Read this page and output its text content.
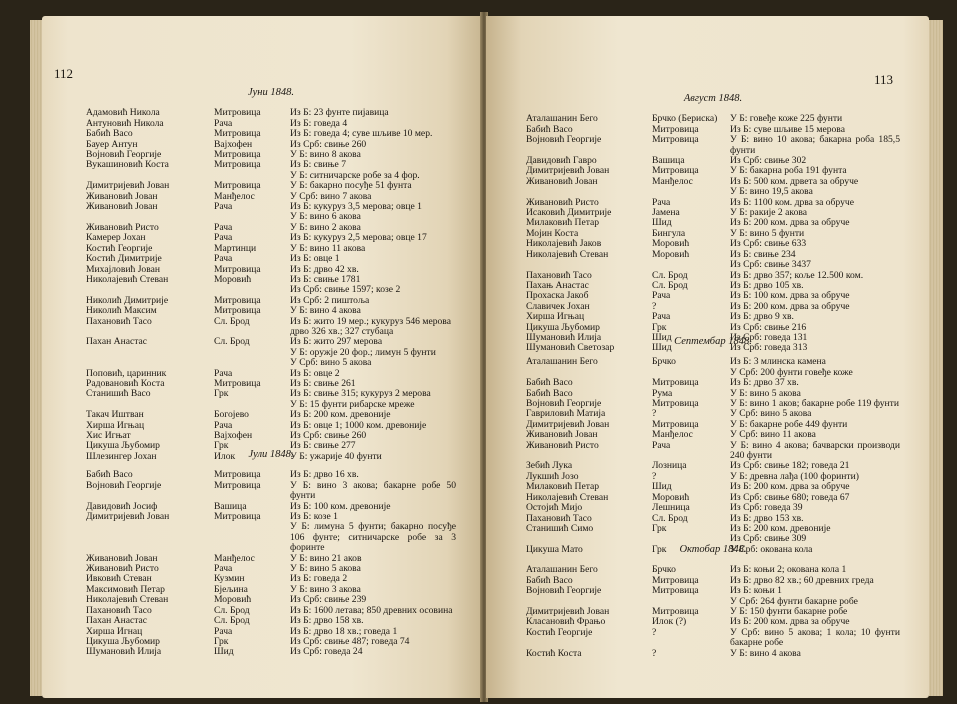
112
Јуни 1848.
Адамовић Никола	Митровица	Из Б: 23 фунте пијавица
Антуновић Никола	Рача	Из Б: говеда 4
Бабић Васо	Митровица	Из Б: говеда 4; суве шљиве 10 мер.
Бауер Антун	Вајхофен	Из Срб: свиње 260
Војновић Георгије	Митровица	У Б: вино 8 акова
Вукашиновић Коста	Митровица	Из Б: свиње 7
У Б: ситничарске робе за 4 фор.
Димитријевић Јован	Митровица	У Б: бакарно посуђе 51 фунта
Живановић Јован	Манђелос	У Срб: вино 7 акова
Живановић Јован	Рача	Из Б: кукуруз 3,5 мерова; овце 1
У Б: вино 6 акова
Живановић Ристо	Рача	У Б: вино 2 акова
Камерер Јохан	Рача	Из Б: кукуруз 2,5 мерова; овце 17
Костић Георгије	Мартинци	У Б: вино 11 акова
Костић Димитрије	Рача	Из Б: овце 1
Михајловић Јован	Митровица	Из Б: дрво 42 хв.
Николајевић Стеван	Моровић	Из Б: свиње 1781
Из Срб: свиње 1597; козе 2
Николић Димитрије	Митровица	Из Срб: 2 пиштоља
Николић Максим	Митровица	У Б: вино 4 акова
Пахановић Тасо	Сл. Брод	Из Б: жито 19 мер.; кукуруз 546 мерова
дрво 326 хв.; 327 стубаца
Пахан Анастас	Сл. Брод	Из Б: жито 297 мерова
У Б: оружје 20 фор.; лимун 5 фунти
У Срб: вино 5 акова
Поповић, царинник	Рача	Из Б: овце 2
Радовановић Коста	Митровица	Из Б: свиње 261
Станишић Васо	Грк	Из Б: свиње 315; кукуруз 2 мерова
У Б: 15 фунти рибарске мреже
Такач Иштван	Богојево	Из Б: 200 ком. древоније
Хирша Игњац	Рача	Из Б: овце 1; 1000 ком. древоније
Хис Игњат	Вајхофен	Из Срб: свиње 260
Цикуша Љубомир	Грк	Из Б: свиње 277
Шлезингер Јохан	Илок	У Б: ужарије 40 фунти
Јули 1848.
Бабић Васо	Митровица	Из Б: дрво 16 хв.
Војновић Георгије	Митровица	У Б: вино 3 акова; бакарне робе 50 фунти
Давидовић Јосиф	Вашица	Из Б: 100 ком. древоније
Димитријевић Јован	Митровица	Из Б: козе 1
У Б: лимуна 5 фунти; бакарно посуђе 106 фунте; ситничарске робе за 3 форинте
Живановић Јован	Манђелос	У Б: вино 21 аков
Живановић Ристо	Рача	У Б: вино 5 акова
Ивковић Стеван	Кузмин	Из Б: говеда 2
Максимовић Петар	Бјељина	У Б: вино 3 акова
Николајевић Стеван	Моровић	Из Срб: свиње 239
Пахановић Тасо	Сл. Брод	Из Б: 1600 летава; 850 древних осовина
Пахан Анастас	Сл. Брод	Из Б: дрво 158 хв.
Хирша Игнац	Рача	Из Б: дрво 18 хв.; говеда 1
Цикуша Љубомир	Грк	Из Срб: свиње 487; говеда 74
Шумановић Илија	Шид	Из Срб: говеда 24
113
Август 1848.
Аталашанин Бего	Брчко (Бериска)	У Б: говеђе коже 225 фунти
Бабић Васо	Митровица	Из Б: суве шљиве 15 мерова
Војновић Георгије	Митровица	У Б: вино 10 акова; бакарна роба 185,5 фунти
Давидовић Гавро	Вашица	Из Срб: свиње 302
Димитријевић Јован	Митровица	У Б: бакарна роба 191 фунта
Живановић Јован	Манђелос	Из Б: 500 ком. дрвета за обруче
У Б: вино 19,5 акова
Живановић Ристо	Рача	Из Б: 1100 ком. дрва за обруче
Исаковић Димитрије	Јамена	У Б: ракије 2 акова
Милаковић Петар	Шид	Из Б: 200 ком. дрва за обруче
Мојин Коста	Бингула	У Б: вино 5 фунти
Николајевић Јаков	Моровић	Из Срб: свиње 633
Николајевић Стеван	Моровић	Из Б: свиње 234
Из Срб: свиње 3437
Пахановић Тасо	Сл. Брод	Из Б: дрво 357; коље 12.500 ком.
Пахањ Анастас	Сл. Брод	Из Б: дрво 105 хв.
Прохаска Јакоб	Рача	Из Б: 100 ком. дрва за обруче
Славичек Јохан	?	Из Б: 200 ком. дрва за обруче
Хирша Игњац	Рача	Из Б: дрво 9 хв.
Цикуша Љубомир	Грк	Из Срб: свиње 216
Шумановић Илија	Шид	Из Срб: говеда 131
Шумановић Светозар	Шид	Из Срб: говеда 313
Септембар 1848.
Аталашанин Бего	Брчко	Из Б: 3 млинска камена
У Срб: 200 фунти говеђе коже
Бабић Васо	Митровица	Из Б: дрво 37 хв.
Бабић Васо	Рума	У Б: вино 5 акова
Војновић Георгије	Митровица	У Б: вино 1 аков; бакарне робе 119 фунти
Гавриловић Матија	?	У Срб: вино 5 акова
Димитријевић Јован	Митровица	У Б: бакарне робе 449 фунти
Живановић Јован	Манђелос	У Срб: вино 11 акова
Живановић Ристо	Рача	У Б: вино 4 акова; бачварски производи 240 фунти
Зебић Лука	Лозница	Из Срб: свиње 182; говеда 21
Лукшић Јозо	?	У Б: древна лађа (100 форинти)
Милаковић Петар	Шид	Из Б: 200 ком. дрва за обруче
Николајевић Стеван	Моровић	Из Срб: свиње 680; говеда 67
Остојић Мијо	Лешница	Из Срб: говеда 39
Пахановић Тасо	Сл. Брод	Из Б: дрво 153 хв.
Станишић Симо	Грк	Из Б: 200 ком. древоније
Из Срб: свиње 309
Цикуша Мато	Грк	У Срб: окована кола
Октобар 1848.
Аталашанин Бего	Брчко	Из Б: коњи 2; окована кола 1
Бабић Васо	Митровица	Из Б: дрво 82 хв.; 60 древних греда
Војновић Георгије	Митровица	Из Б: коњи 1
У Срб: 264 фунти бакарне робе
Димитријевић Јован	Митровица	У Б: 150 фунти бакарне робе
Класановић Фрањо	Илок (?)	Из Б: 200 ком. дрва за обруче
Костић Георгије	?	У Срб: вино 5 акова; 1 кола; 10 фунти бакарне робе
Костић Коста	?	У Б: вино 4 акова
